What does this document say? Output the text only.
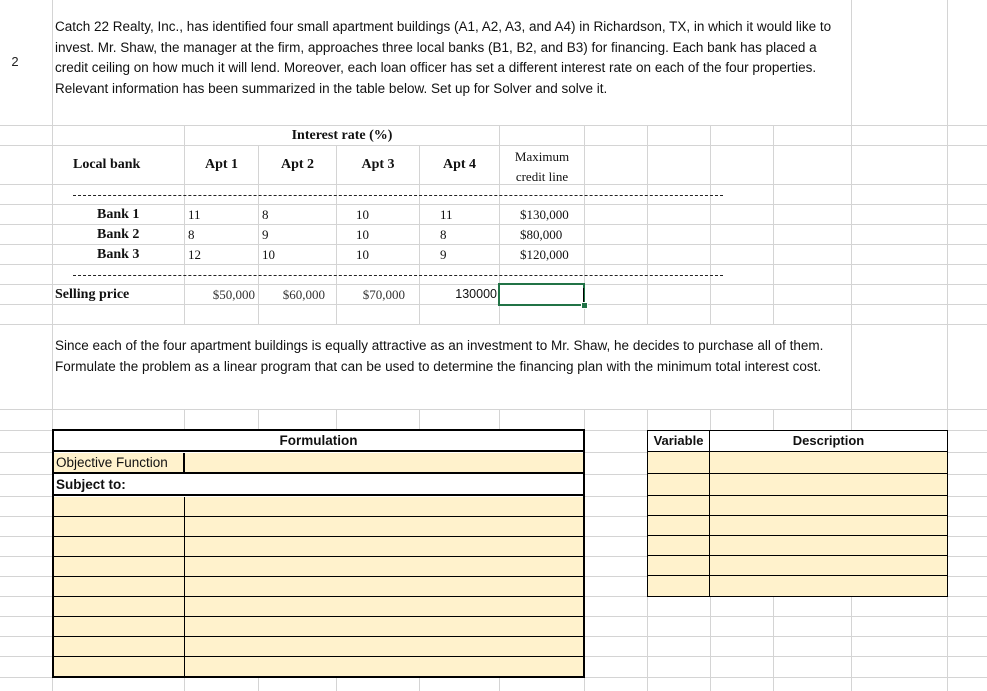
Catch 22 Realty, Inc., has identified four small apartment buildings (A1, A2, A3, and A4) in Richardson, TX, in which it would like to invest. Mr. Shaw, the manager at the firm, approaches three local banks (B1, B2, and B3) for financing. Each bank has placed a credit ceiling on how much it will lend. Moreover, each loan officer has set a different interest rate on each of the four properties. Relevant information has been summarized in the table below. Set up for Solver and solve it.
2
Interest rate (%)
Local bank	Apt 1	Apt 2	Apt 3	Apt 4
Maximum
credit line
Bank 1	11	8	10	11	$130,000
Bank 2	8	9	10	8	$80,000
Bank 3	12	10	10	9	$120,000
Selling price	$50,000	$60,000	$70,000	130000
Since each of the four apartment buildings is equally attractive as an investment to Mr. Shaw, he decides to purchase all of them. Formulate the problem as a linear program that can be used to determine the financing plan with the minimum total interest cost.
Formulation
Objective Function
Subject to:
Variable	Description
